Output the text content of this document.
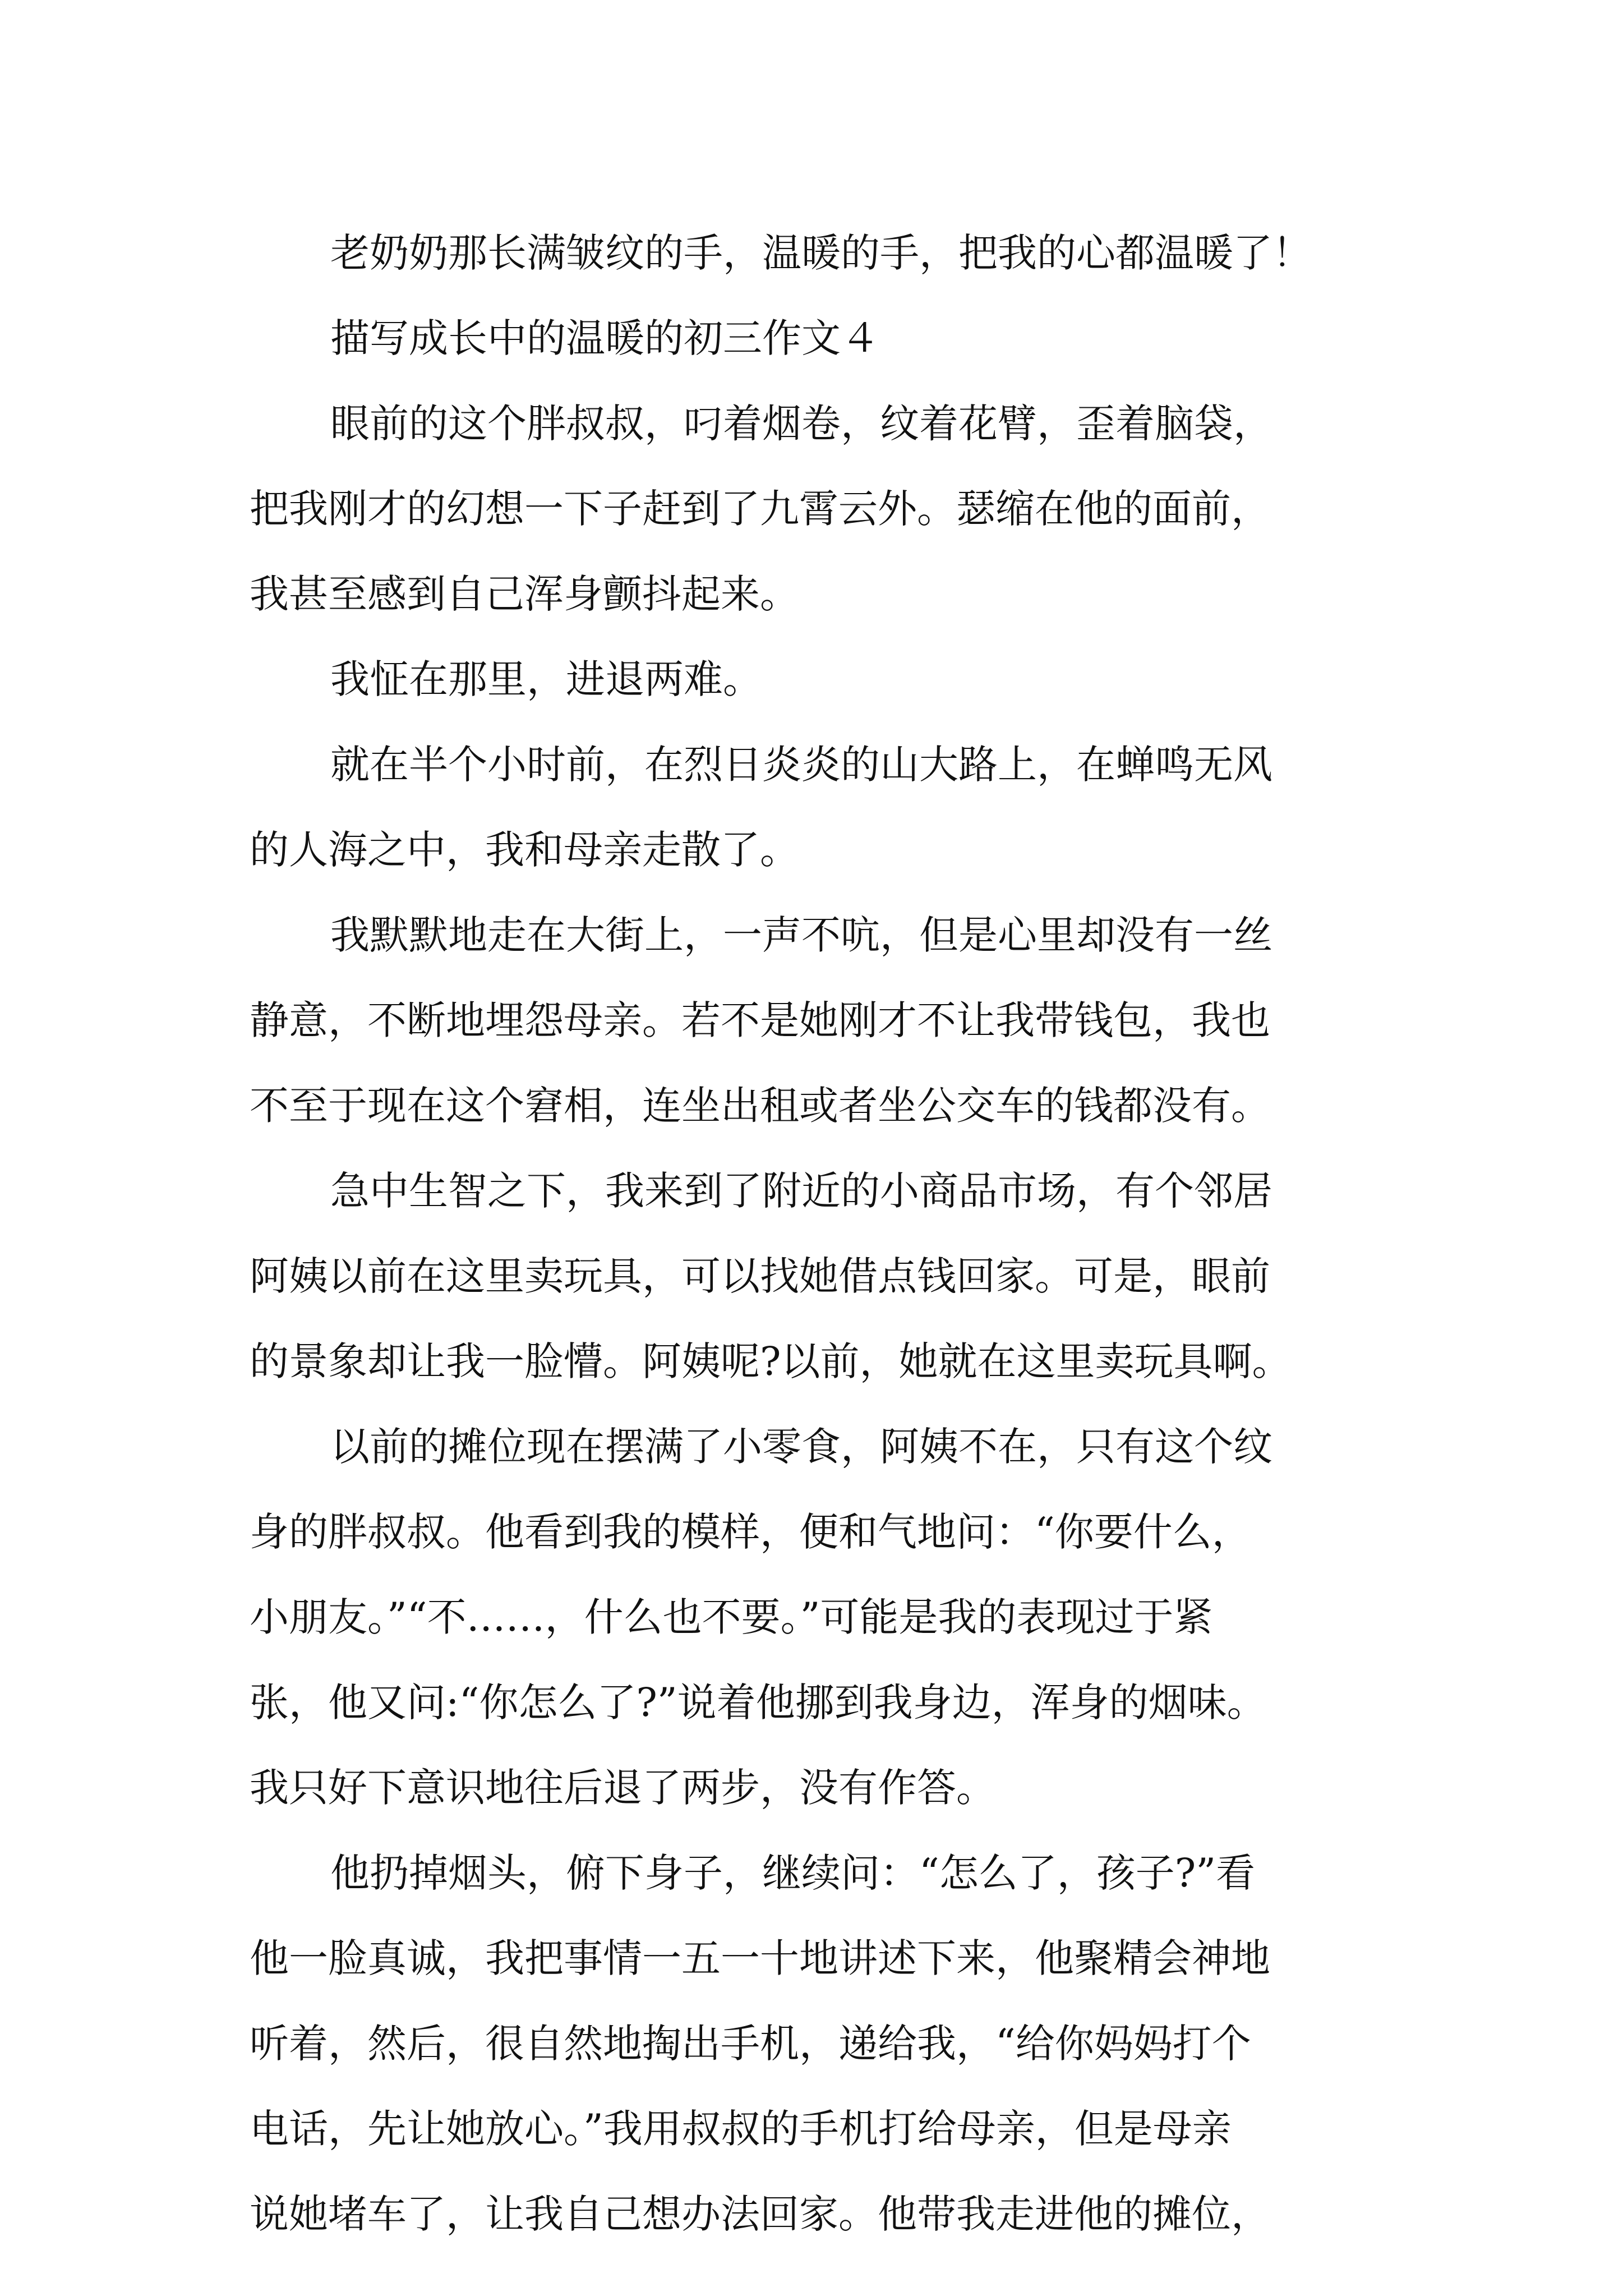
老奶奶那长满皱纹的手，温暖的手，把我的心都温暖了！
描写成长中的温暖的初三作文４
眼前的这个胖叔叔，叼着烟卷，纹着花臂，歪着脑袋，
把我刚才的幻想一下子赶到了九霄云外。瑟缩在他的面前，
我甚至感到自己浑身颤抖起来。
我怔在那里，进退两难。
就在半个小时前，在烈日炎炎的山大路上，在蝉鸣无风
的人海之中，我和母亲走散了。
我默默地走在大街上，一声不吭，但是心里却没有一丝
静意，不断地埋怨母亲。若不是她刚才不让我带钱包，我也
不至于现在这个窘相，连坐出租或者坐公交车的钱都没有。
急中生智之下，我来到了附近的小商品市场，有个邻居
阿姨以前在这里卖玩具，可以找她借点钱回家。可是，眼前
的景象却让我一脸懵。阿姨呢?以前，她就在这里卖玩具啊。
以前的摊位现在摆满了小零食，阿姨不在，只有这个纹
身的胖叔叔。他看到我的模样，便和气地问：“你要什么，
小朋友。”“不……，什么也不要。”可能是我的表现过于紧
张，他又问:“你怎么了?”说着他挪到我身边，浑身的烟味。
我只好下意识地往后退了两步，没有作答。
他扔掉烟头，俯下身子，继续问：“怎么了，孩子?”看
他一脸真诚，我把事情一五一十地讲述下来，他聚精会神地
听着，然后，很自然地掏出手机，递给我，“给你妈妈打个
电话，先让她放心。”我用叔叔的手机打给母亲，但是母亲
说她堵车了，让我自己想办法回家。他带我走进他的摊位，
